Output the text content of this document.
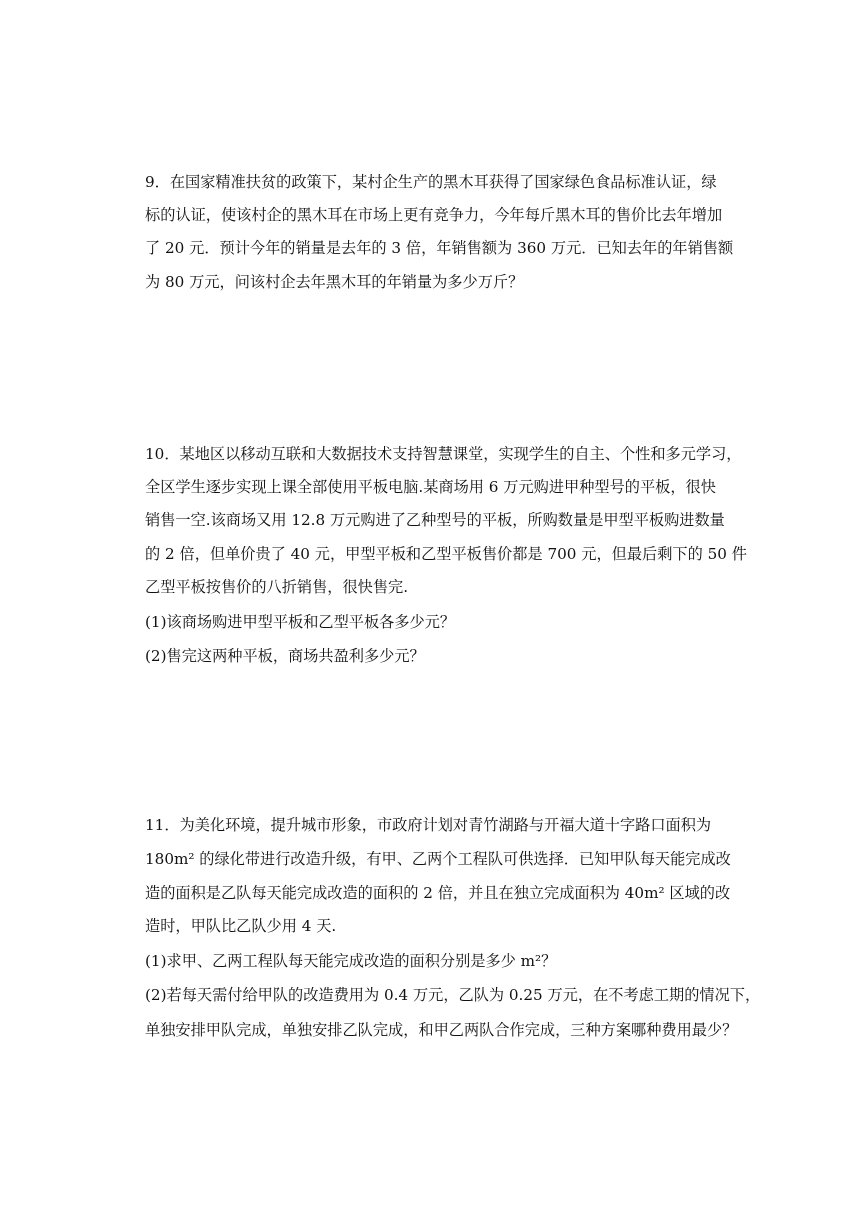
9．在国家精准扶贫的政策下，某村企生产的黑木耳获得了国家绿色食品标准认证，绿
标的认证，使该村企的黑木耳在市场上更有竞争力，今年每斤黑木耳的售价比去年增加
了 20 元．预计今年的销量是去年的 3 倍，年销售额为 360 万元．已知去年的年销售额
为 80 万元，问该村企去年黑木耳的年销量为多少万斤？
10．某地区以移动互联和大数据技术支持智慧课堂，实现学生的自主、个性和多元学习，
全区学生逐步实现上课全部使用平板电脑.某商场用 6 万元购进甲种型号的平板，很快
销售一空.该商场又用 12.8 万元购进了乙种型号的平板，所购数量是甲型平板购进数量
的 2 倍，但单价贵了 40 元，甲型平板和乙型平板售价都是 700 元，但最后剩下的 50 件
乙型平板按售价的八折销售，很快售完.
(1)该商场购进甲型平板和乙型平板各多少元？
(2)售完这两种平板，商场共盈利多少元？
11．为美化环境，提升城市形象，市政府计划对青竹湖路与开福大道十字路口面积为
180m² 的绿化带进行改造升级，有甲、乙两个工程队可供选择．已知甲队每天能完成改
造的面积是乙队每天能完成改造的面积的 2 倍，并且在独立完成面积为 40m² 区域的改
造时，甲队比乙队少用 4 天.
(1)求甲、乙两工程队每天能完成改造的面积分别是多少 m²？
(2)若每天需付给甲队的改造费用为 0.4 万元，乙队为 0.25 万元，在不考虑工期的情况下，
单独安排甲队完成，单独安排乙队完成，和甲乙两队合作完成，三种方案哪种费用最少？
